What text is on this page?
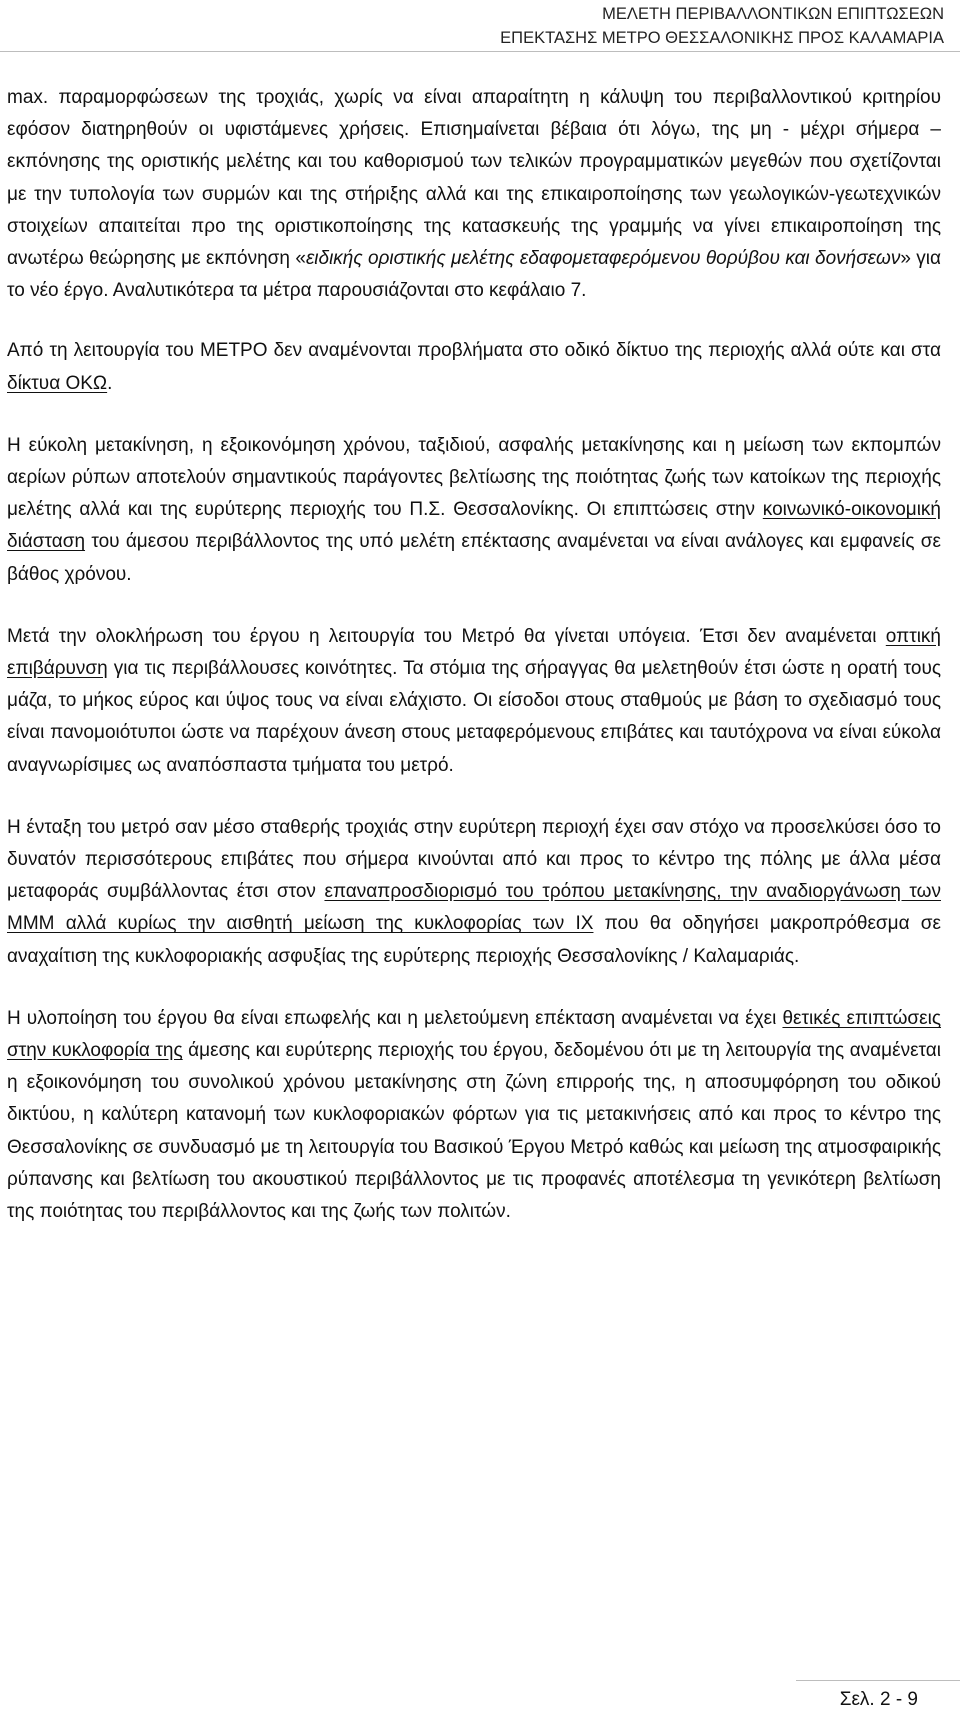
ΜΕΛΕΤΗ ΠΕΡΙΒΑΛΛΟΝΤΙΚΩΝ ΕΠΙΠΤΩΣΕΩΝ
ΕΠΕΚΤΑΣΗΣ ΜΕΤΡΟ ΘΕΣΣΑΛΟΝΙΚΗΣ ΠΡΟΣ ΚΑΛΑΜΑΡΙΑ

max. παραμορφώσεων της τροχιάς, χωρίς να είναι απαραίτητη η κάλυψη του περιβαλλοντικού κριτηρίου εφόσον διατηρηθούν οι υφιστάμενες χρήσεις. Επισημαίνεται βέβαια ότι λόγω, της μη - μέχρι σήμερα – εκπόνησης της οριστικής μελέτης και του καθορισμού των τελικών προγραμματικών μεγεθών που σχετίζονται με την τυπολογία των συρμών και της στήριξης αλλά και της επικαιροποίησης των γεωλογικών-γεωτεχνικών στοιχείων απαιτείται προ της οριστικοποίησης της κατασκευής της γραμμής να γίνει επικαιροποίηση της ανωτέρω θεώρησης με εκπόνηση «ειδικής οριστικής μελέτης εδαφομεταφερόμενου θορύβου και δονήσεων» για το νέο έργο. Αναλυτικότερα τα μέτρα παρουσιάζονται στο κεφάλαιο 7.

Από τη λειτουργία του ΜΕΤΡΟ δεν αναμένονται προβλήματα στο οδικό δίκτυο της περιοχής αλλά ούτε και στα δίκτυα ΟΚΩ.

Η εύκολη μετακίνηση, η εξοικονόμηση χρόνου, ταξιδιού, ασφαλής μετακίνησης και η μείωση των εκπομπών αερίων ρύπων αποτελούν σημαντικούς παράγοντες βελτίωσης της ποιότητας ζωής των κατοίκων της περιοχής μελέτης αλλά και της ευρύτερης περιοχής του Π.Σ. Θεσσαλονίκης. Οι επιπτώσεις στην κοινωνικό-οικονομική διάσταση του άμεσου περιβάλλοντος της υπό μελέτη επέκτασης αναμένεται να είναι ανάλογες και εμφανείς σε βάθος χρόνου.

Μετά την ολοκλήρωση του έργου η λειτουργία του Μετρό θα γίνεται υπόγεια. Έτσι δεν αναμένεται οπτική επιβάρυνση για τις περιβάλλουσες κοινότητες. Τα στόμια της σήραγγας θα μελετηθούν έτσι ώστε η ορατή τους μάζα, το μήκος εύρος και ύψος τους να είναι ελάχιστο. Οι είσοδοι στους σταθμούς με βάση το σχεδιασμό τους είναι πανομοιότυποι ώστε να παρέχουν άνεση στους μεταφερόμενους επιβάτες και ταυτόχρονα να είναι εύκολα αναγνωρίσιμες ως αναπόσπαστα τμήματα του μετρό.

Η ένταξη του μετρό σαν μέσο σταθερής τροχιάς στην ευρύτερη περιοχή έχει σαν στόχο να προσελκύσει όσο το δυνατόν περισσότερους επιβάτες που σήμερα κινούνται από και προς το κέντρο της πόλης με άλλα μέσα μεταφοράς συμβάλλοντας έτσι στον επαναπροσδιορισμό του τρόπου μετακίνησης, την αναδιοργάνωση των ΜΜΜ αλλά κυρίως την αισθητή μείωση της κυκλοφορίας των ΙΧ που θα οδηγήσει μακροπρόθεσμα σε αναχαίτιση της κυκλοφοριακής ασφυξίας της ευρύτερης περιοχής Θεσσαλονίκης / Καλαμαριάς.

Η υλοποίηση του έργου θα είναι επωφελής και η μελετούμενη επέκταση αναμένεται να έχει θετικές επιπτώσεις στην κυκλοφορία της άμεσης και ευρύτερης περιοχής του έργου, δεδομένου ότι με τη λειτουργία της αναμένεται η εξοικονόμηση του συνολικού χρόνου μετακίνησης στη ζώνη επιρροής της, η αποσυμφόρηση του οδικού δικτύου, η καλύτερη κατανομή των κυκλοφοριακών φόρτων για τις μετακινήσεις από και προς το κέντρο της Θεσσαλονίκης σε συνδυασμό με τη λειτουργία του Βασικού Έργου Μετρό καθώς και μείωση της ατμοσφαιρικής ρύπανσης και βελτίωση του ακουστικού περιβάλλοντος με τις προφανές αποτέλεσμα τη γενικότερη βελτίωση της ποιότητας του περιβάλλοντος και της ζωής των πολιτών.

Σελ. 2 - 9
